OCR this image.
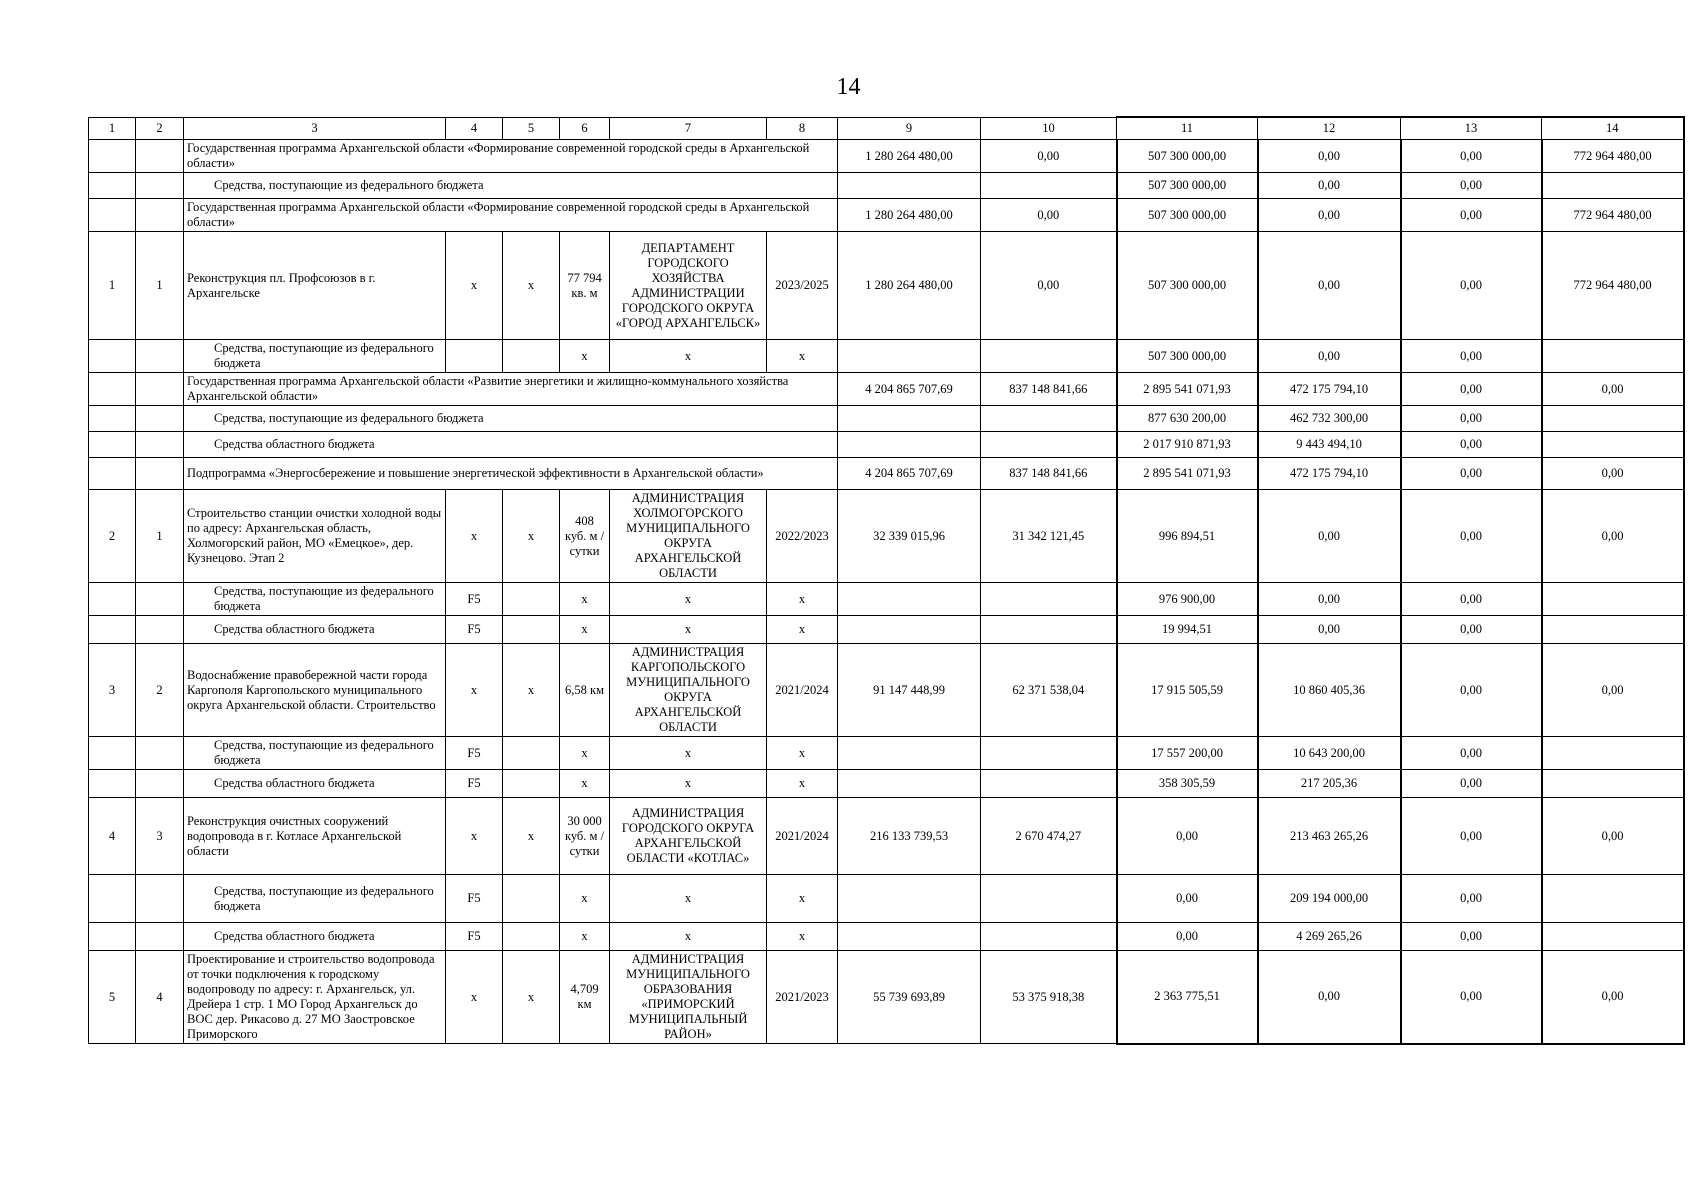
14
1	2	3	4	5	6	7	8	9	10	11	12	13	14
		Государственная программа Архангельской области «Формирование современной городской среды в Архангельской области»						1 280 264 480,00	0,00	507 300 000,00	0,00	0,00	772 964 480,00
		Средства, поступающие из федерального бюджета								507 300 000,00	0,00	0,00	
		Государственная программа Архангельской области «Формирование современной городской среды в Архангельской области»						1 280 264 480,00	0,00	507 300 000,00	0,00	0,00	772 964 480,00
1	1	Реконструкция пл. Профсоюзов в г. Архангельске	х	х	77 794 кв. м	ДЕПАРТАМЕНТ ГОРОДСКОГО ХОЗЯЙСТВА АДМИНИСТРАЦИИ ГОРОДСКОГО ОКРУГА «ГОРОД АРХАНГЕЛЬСК»	2023/2025	1 280 264 480,00	0,00	507 300 000,00	0,00	0,00	772 964 480,00
		Средства, поступающие из федерального бюджета			х	х	х			507 300 000,00	0,00	0,00	
		Государственная программа Архангельской области «Развитие энергетики и жилищно-коммунального хозяйства Архангельской области»						4 204 865 707,69	837 148 841,66	2 895 541 071,93	472 175 794,10	0,00	0,00
		Средства, поступающие из федерального бюджета								877 630 200,00	462 732 300,00	0,00	
		Средства областного бюджета								2 017 910 871,93	9 443 494,10	0,00	
		Подпрограмма «Энергосбережение и повышение энергетической эффективности в Архангельской области»						4 204 865 707,69	837 148 841,66	2 895 541 071,93	472 175 794,10	0,00	0,00
2	1	Строительство станции очистки холодной воды по адресу: Архангельская область, Холмогорский район, МО «Емецкое», дер. Кузнецово. Этап 2	х	х	408 куб. м / сутки	АДМИНИСТРАЦИЯ ХОЛМОГОРСКОГО МУНИЦИПАЛЬНОГО ОКРУГА АРХАНГЕЛЬСКОЙ ОБЛАСТИ	2022/2023	32 339 015,96	31 342 121,45	996 894,51	0,00	0,00	0,00
		Средства, поступающие из федерального бюджета	F5		х	х	х			976 900,00	0,00	0,00	
		Средства областного бюджета	F5		х	х	х			19 994,51	0,00	0,00	
3	2	Водоснабжение правобережной части города Каргополя Каргопольского муниципального округа Архангельской области. Строительство	х	х	6,58 км	АДМИНИСТРАЦИЯ КАРГОПОЛЬСКОГО МУНИЦИПАЛЬНОГО ОКРУГА АРХАНГЕЛЬСКОЙ ОБЛАСТИ	2021/2024	91 147 448,99	62 371 538,04	17 915 505,59	10 860 405,36	0,00	0,00
		Средства, поступающие из федерального бюджета	F5		х	х	х			17 557 200,00	10 643 200,00	0,00	
		Средства областного бюджета	F5		х	х	х			358 305,59	217 205,36	0,00	
4	3	Реконструкция очистных сооружений водопровода в г. Котласе Архангельской области	х	х	30 000 куб. м / сутки	АДМИНИСТРАЦИЯ ГОРОДСКОГО ОКРУГА АРХАНГЕЛЬСКОЙ ОБЛАСТИ «КОТЛАС»	2021/2024	216 133 739,53	2 670 474,27	0,00	213 463 265,26	0,00	0,00
		Средства, поступающие из федерального бюджета	F5		х	х	х			0,00	209 194 000,00	0,00	
		Средства областного бюджета	F5		х	х	х			0,00	4 269 265,26	0,00	
5	4	Проектирование и строительство водопровода от точки подключения к городскому водопроводу по адресу: г. Архангельск, ул. Дрейера 1 стр. 1 МО Город Архангельск до ВОС дер. Рикасово д. 27 МО Заостровское Приморского	х	х	4,709 км	АДМИНИСТРАЦИЯ МУНИЦИПАЛЬНОГО ОБРАЗОВАНИЯ «ПРИМОРСКИЙ МУНИЦИПАЛЬНЫЙ РАЙОН»	2021/2023	55 739 693,89	53 375 918,38	2 363 775,51	0,00	0,00	0,00
